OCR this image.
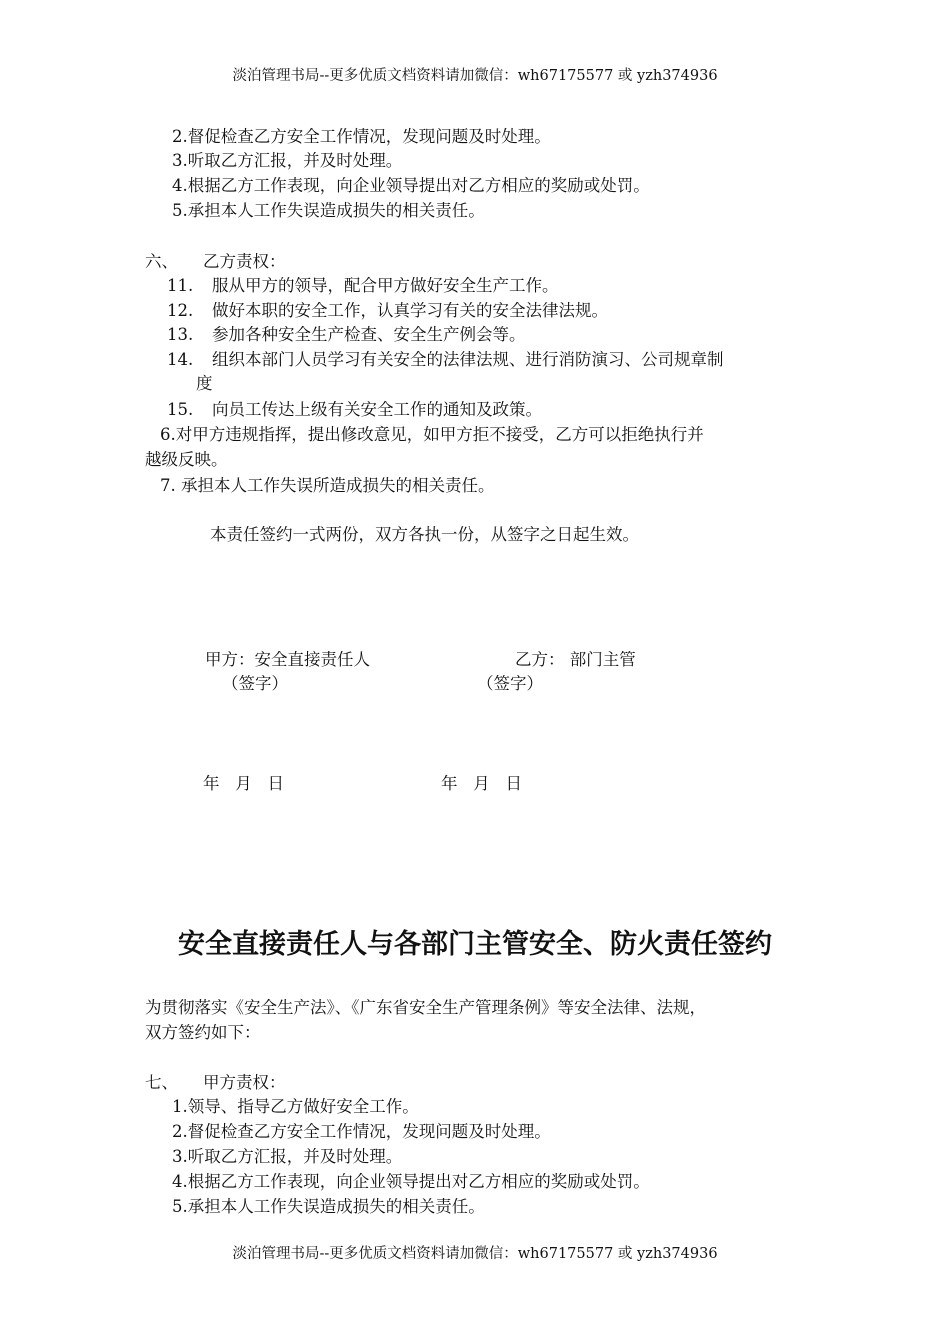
淡泊管理书局--更多优质文档资料请加微信：wh67175577 或 yzh374936
2.督促检查乙方安全工作情况，发现问题及时处理。
3.听取乙方汇报，并及时处理。
4.根据乙方工作表现，向企业领导提出对乙方相应的奖励或处罚。
5.承担本人工作失误造成损失的相关责任。
六、 乙方责权：
11. 服从甲方的领导，配合甲方做好安全生产工作。
12. 做好本职的安全工作，认真学习有关的安全法律法规。
13. 参加各种安全生产检查、安全生产例会等。
14. 组织本部门人员学习有关安全的法律法规、进行消防演习、公司规章制
度
15. 向员工传达上级有关安全工作的通知及政策。
6.对甲方违规指挥，提出修改意见，如甲方拒不接受，乙方可以拒绝执行并
越级反映。
7. 承担本人工作失误所造成损失的相关责任。
本责任签约一式两份，双方各执一份，从签字之日起生效。
甲方：安全直接责任人	乙方： 部门主管
（签字）	（签字）
年   月   日	年   月   日
安全直接责任人与各部门主管安全、防火责任签约
为贯彻落实《安全生产法》、《广东省安全生产管理条例》等安全法律、法规，
双方签约如下：
七、 甲方责权：
1.领导、指导乙方做好安全工作。
2.督促检查乙方安全工作情况，发现问题及时处理。
3.听取乙方汇报，并及时处理。
4.根据乙方工作表现，向企业领导提出对乙方相应的奖励或处罚。
5.承担本人工作失误造成损失的相关责任。
淡泊管理书局--更多优质文档资料请加微信：wh67175577 或 yzh374936
